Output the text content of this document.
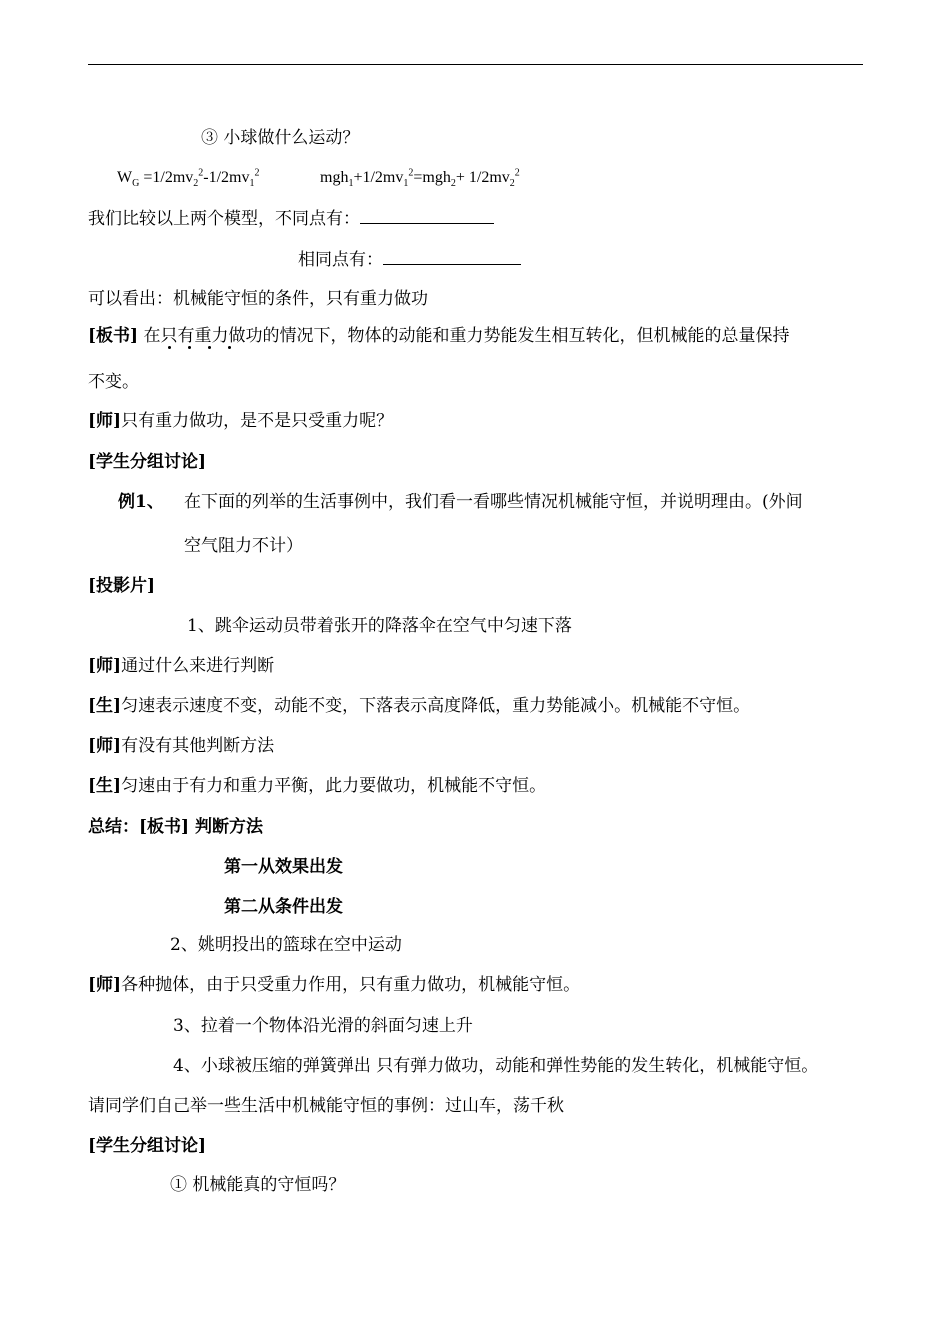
③ 小球做什么运动？
$W_G =1/2mv_2^2-1/2mv_1^2$	$mgh_1+1/2mv_1^2=mgh_2+ 1/2mv_2^2$
我们比较以上两个模型，不同点有：
相同点有：
可以看出：机械能守恒的条件，只有重力做功
[板书] 在只有重力做功的情况下，物体的动能和重力势能发生相互转化，但机械能的总量保持
不变。
[师]只有重力做功，是不是只受重力呢？
[学生分组讨论]
例1、 在下面的列举的生活事例中，我们看一看哪些情况机械能守恒，并说明理由。(外间
空气阻力不计）
[投影片]
1、跳伞运动员带着张开的降落伞在空气中匀速下落
[师]通过什么来进行判断
[生]匀速表示速度不变，动能不变，下落表示高度降低，重力势能减小。机械能不守恒。
[师]有没有其他判断方法
[生]匀速由于有力和重力平衡，此力要做功，机械能不守恒。
总结：[板书] 判断方法
第一从效果出发
第二从条件出发
2、姚明投出的篮球在空中运动
[师]各种抛体，由于只受重力作用，只有重力做功，机械能守恒。
3、拉着一个物体沿光滑的斜面匀速上升
4、小球被压缩的弹簧弹出 只有弹力做功，动能和弹性势能的发生转化，机械能守恒。
请同学们自己举一些生活中机械能守恒的事例：过山车，荡千秋
[学生分组讨论]
① 机械能真的守恒吗？
